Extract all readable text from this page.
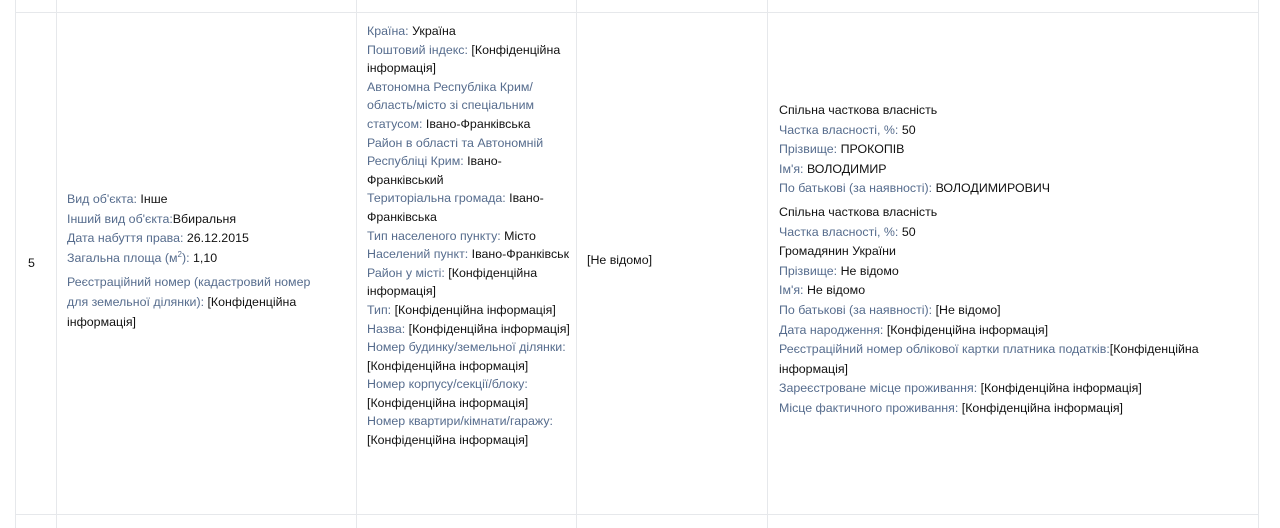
5
Вид об'єкта: Інше
Інший вид об'єкта:Вбиральня
Дата набуття права: 26.12.2015
Загальна площа $(м^2)$: 1,10
Реєстраційний номер (кадастровий номер для земельної ділянки): [Конфіденційна інформація]
Країна: Україна
Поштовий індекс: [Конфіденційна інформація]
Автономна Республіка Крим/ область/місто зі спеціальним статусом: Івано-Франківська
Район в області та Автономній Республіці Крим: Івано-Франківський
Територіальна громада: Івано-Франківська
Тип населеного пункту: Місто
Населений пункт: Івано-Франківськ
Район у місті: [Конфіденційна інформація]
Тип: [Конфіденційна інформація]
Назва: [Конфіденційна інформація]
Номер будинку/земельної ділянки: [Конфіденційна інформація]
Номер корпусу/секції/блоку: [Конфіденційна інформація]
Номер квартири/кімнати/гаражу: [Конфіденційна інформація]
[Не відомо]
Спільна часткова власність
Частка власності, %: 50
Прізвище: ПРОКОПІВ
Ім'я: ВОЛОДИМИР
По батькові (за наявності): ВОЛОДИМИРОВИЧ
Спільна часткова власність
Частка власності, %: 50
Громадянин України
Прізвище: Не відомо
Ім'я: Не відомо
По батькові (за наявності): [Не відомо]
Дата народження: [Конфіденційна інформація]
Реєстраційний номер облікової картки платника податків:[Конфіденційна інформація]
Зареєстроване місце проживання: [Конфіденційна інформація]
Місце фактичного проживання: [Конфіденційна інформація]
